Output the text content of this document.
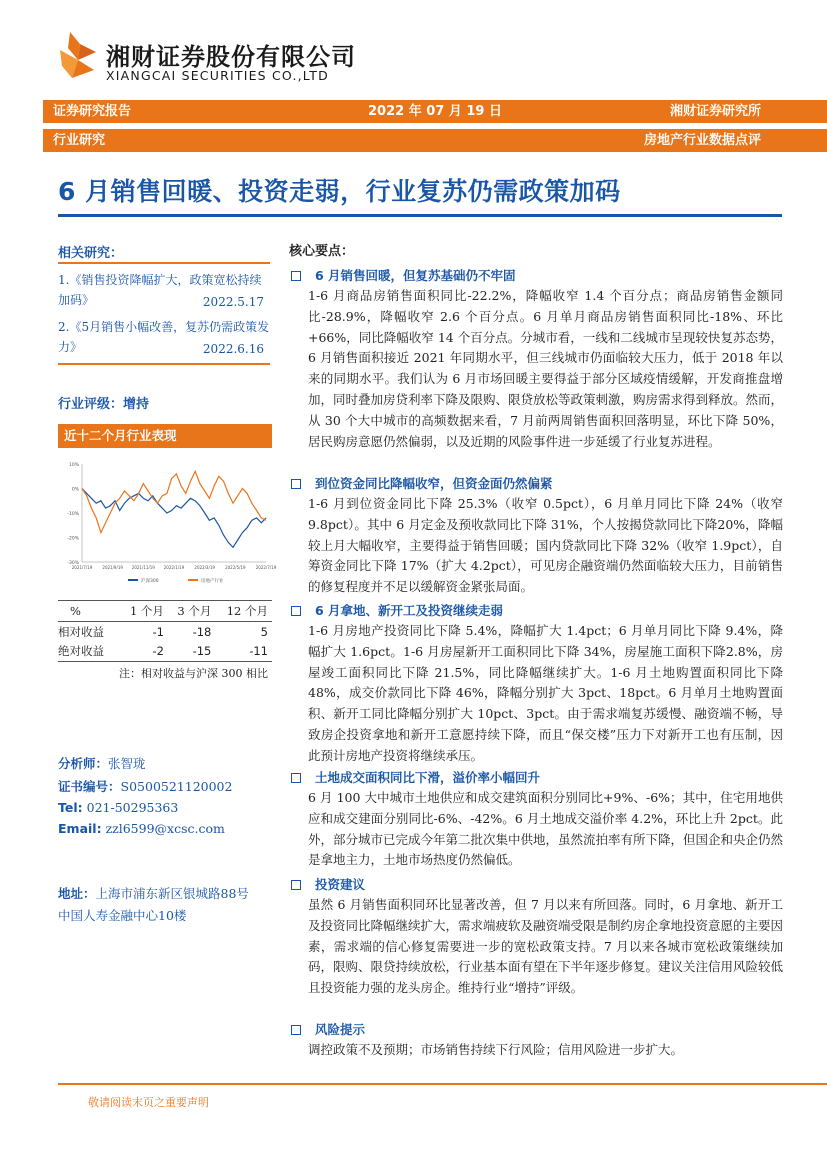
湘财证券股份有限公司
XIANGCAI SECURITIES CO.,LTD
证券研究报告	2022 年 07 月 19 日	湘财证券研究所
行业研究	房地产行业数据点评
6 月销售回暖、投资走弱，行业复苏仍需政策加码
相关研究：
1.《销售投资降幅扩大，政策宽松持续加码》	2022.5.17
2.《5月销售小幅改善，复苏仍需政策发力》	2022.6.16
行业评级：增持
近十二个月行业表现
10%
0%
-10%
-20%
-30%
2021/7/19	2021/9/19 2021/11/19 2022/1/19	2022/3/19	2022/5/19	2022/7/19
沪深300	房地产行业
%	1 个月	3 个月	12 个月
相对收益	-1	-18	5
绝对收益	-2	-15	-11
注：相对收益与沪深 300 相比
分析师：张智珑
证书编号：S0500521120002
Tel: 021-50295363
Email: zzl6599@xcsc.com
地址：上海市浦东新区银城路88号
中国人寿金融中心10楼
核心要点：
6 月销售回暖，但复苏基础仍不牢固
1-6 月商品房销售面积同比-22.2%，降幅收窄 1.4 个百分点；商品房销售金额同比-28.9%，降幅收窄 2.6 个百分点。6 月单月商品房销售面积同比-18%、环比+66%，同比降幅收窄 14 个百分点。分城市看，一线和二线城市呈现较快复苏态势，6 月销售面积接近 2021 年同期水平，但三线城市仍面临较大压力，低于 2018 年以来的同期水平。我们认为 6 月市场回暖主要得益于部分区域疫情缓解，开发商推盘增加，同时叠加房贷利率下降及限购、限贷放松等政策刺激，购房需求得到释放。然而，从 30 个大中城市的高频数据来看，7 月前两周销售面积回落明显，环比下降 50%，居民购房意愿仍然偏弱，以及近期的风险事件进一步延缓了行业复苏进程。
到位资金同比降幅收窄，但资金面仍然偏紧
1-6 月到位资金同比下降 25.3%（收窄 0.5pct），6 月单月同比下降 24%（收窄 9.8pct）。其中 6 月定金及预收款同比下降 31%，个人按揭贷款同比下降20%，降幅较上月大幅收窄，主要得益于销售回暖；国内贷款同比下降 32%（收窄 1.9pct），自筹资金同比下降 17%（扩大 4.2pct），可见房企融资端仍然面临较大压力，目前销售的修复程度并不足以缓解资金紧张局面。
6 月拿地、新开工及投资继续走弱
1-6 月房地产投资同比下降 5.4%，降幅扩大 1.4pct；6 月单月同比下降 9.4%，降幅扩大 1.6pct。1-6 月房屋新开工面积同比下降 34%，房屋施工面积下降2.8%，房屋竣工面积同比下降 21.5%，同比降幅继续扩大。1-6 月土地购置面积同比下降 48%，成交价款同比下降 46%，降幅分别扩大 3pct、18pct。6 月单月土地购置面积、新开工同比降幅分别扩大 10pct、3pct。由于需求端复苏缓慢、融资端不畅，导致房企投资拿地和新开工意愿持续下降，而且“保交楼”压力下对新开工也有压制，因此预计房地产投资将继续承压。
土地成交面积同比下滑，溢价率小幅回升
6 月 100 大中城市土地供应和成交建筑面积分别同比+9%、-6%；其中，住宅用地供应和成交建面分别同比-6%、-42%。6 月土地成交溢价率 4.2%，环比上升 2pct。此外，部分城市已完成今年第二批次集中供地，虽然流拍率有所下降，但国企和央企仍然是拿地主力，土地市场热度仍然偏低。
投资建议
虽然 6 月销售面积同环比显著改善，但 7 月以来有所回落。同时，6 月拿地、新开工及投资同比降幅继续扩大，需求端疲软及融资端受限是制约房企拿地投资意愿的主要因素，需求端的信心修复需要进一步的宽松政策支持。7 月以来各城市宽松政策继续加码，限购、限贷持续放松，行业基本面有望在下半年逐步修复。建议关注信用风险较低且投资能力强的龙头房企。维持行业“增持”评级。
风险提示
调控政策不及预期；市场销售持续下行风险；信用风险进一步扩大。
敬请阅读末页之重要声明
